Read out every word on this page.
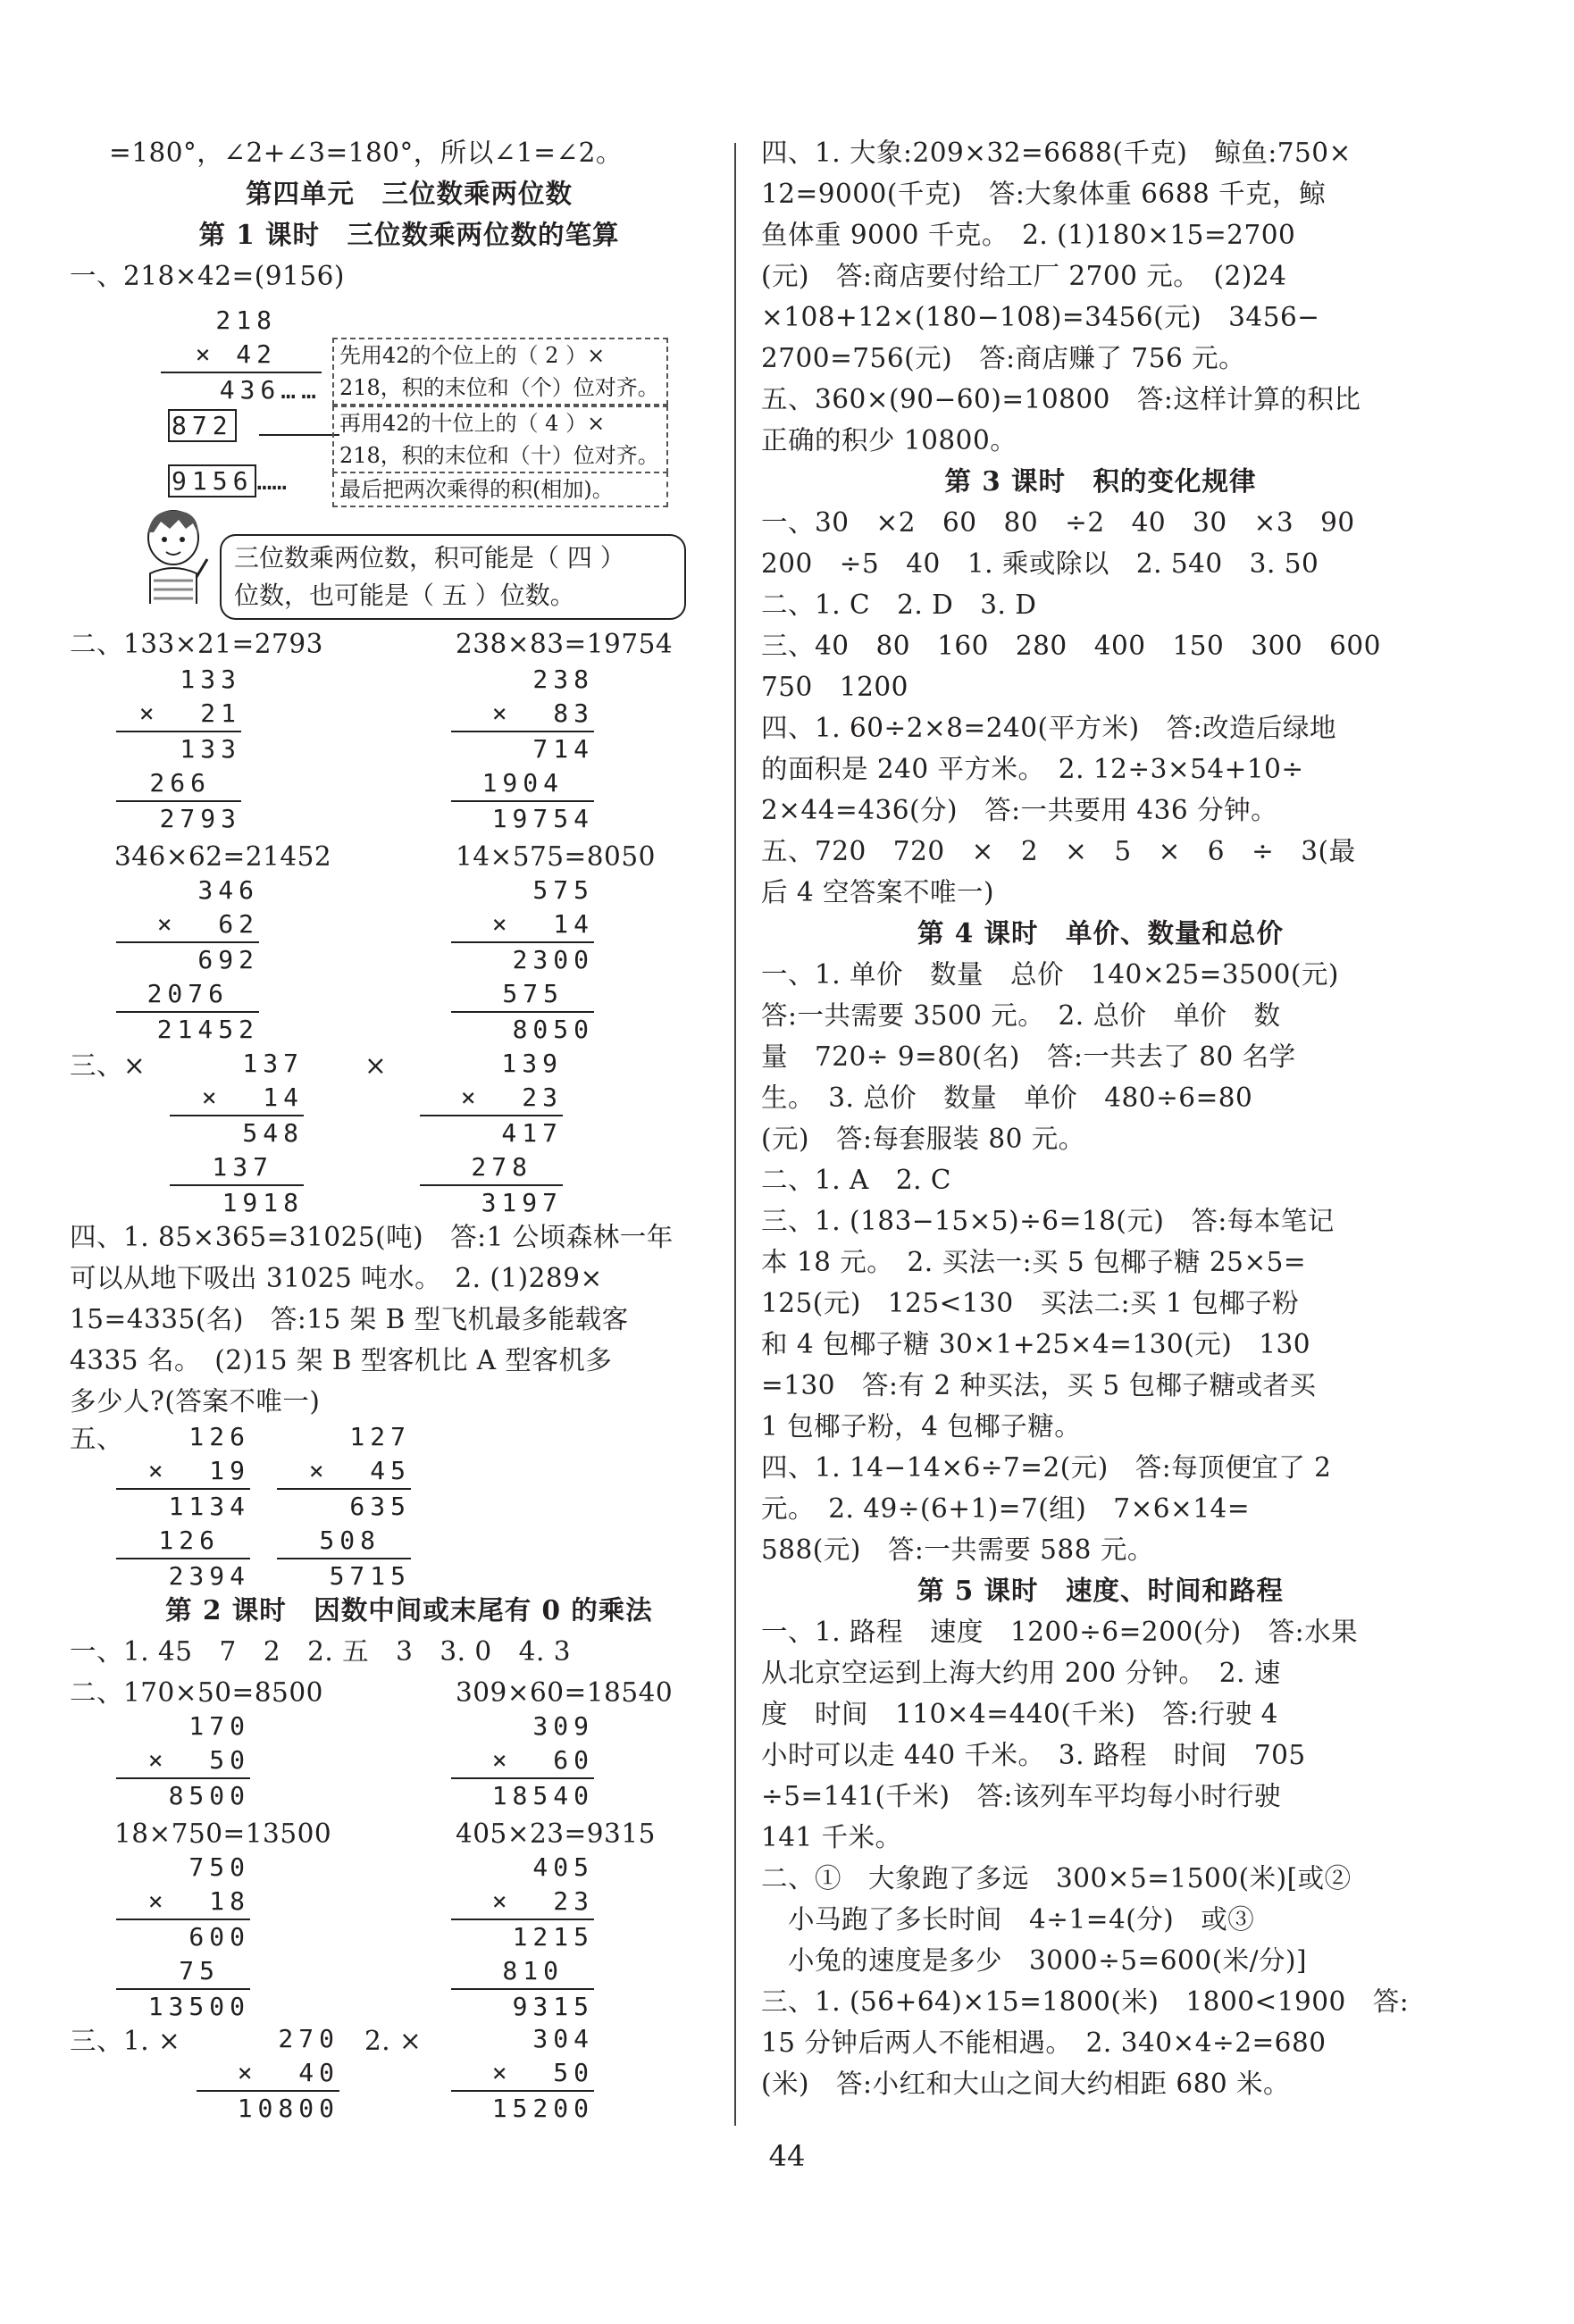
=180°，∠2+∠3=180°，所以∠1=∠2。
第四单元　三位数乘两位数
第 1 课时　三位数乘两位数的笔算
一、218×42=(9156)
218
× 42
436……
872
9156 ……
先用42的个位上的（ 2 ）×
218，积的末位和（个）位对齐。
再用42的十位上的（ 4 ）×
218，积的末位和（十）位对齐。
最后把两次乘得的积(相加)。
三位数乘两位数，积可能是（ 四 ）
位数，也可能是（ 五 ）位数。
二、133×21=2793	238×83=19754
133
×  21
133
266
2793
238
×  83
714
1904
19754
346×62=21452	14×575=8050
346
×  62
692
2076
21452
575
×  14
2300
575
8050
三、×	×
137
×  14
548
137
1918
139
×  23
417
278
3197
四、1. 85×365=31025(吨)　答:1 公顷森林一年
可以从地下吸出 31025 吨水。　2. (1)289×
15=4335(名)　答:15 架 B 型飞机最多能载客
4335 名。　(2)15 架 B 型客机比 A 型客机多
多少人?(答案不唯一)
五、	126
×  19
1134
126
2394
127
×  45
635
508
5715
第 2 课时　因数中间或末尾有 0 的乘法
一、1. 45　7　2　2. 五　3　3. 0　4. 3
二、170×50=8500	309×60=18540
170
×  50
8500
309
×  60
18540
18×750=13500	405×23=9315
750
×  18
600
75
13500
405
×  23
1215
810
9315
三、1. ×	2. ×
270
×  40
10800
304
×  50
15200
四、1. 大象:209×32=6688(千克)　鲸鱼:750×
12=9000(千克)　答:大象体重 6688 千克，鲸
鱼体重 9000 千克。　2. (1)180×15=2700
(元)　答:商店要付给工厂 2700 元。　(2)24
×108+12×(180−108)=3456(元)　3456−
2700=756(元)　答:商店赚了 756 元。
五、360×(90−60)=10800　答:这样计算的积比
正确的积少 10800。
第 3 课时　积的变化规律
一、30　×2　60　80　÷2　40　30　×3　90
200　÷5　40　1. 乘或除以　2. 540　3. 50
二、1. C　2. D　3. D
三、40　80　160　280　400　150　300　600
750　1200
四、1. 60÷2×8=240(平方米)　答:改造后绿地
的面积是 240 平方米。　2. 12÷3×54+10÷
2×44=436(分)　答:一共要用 436 分钟。
五、720　720　×　2　×　5　×　6　÷　3(最
后 4 空答案不唯一)
第 4 课时　单价、数量和总价
一、1. 单价　数量　总价　140×25=3500(元)
答:一共需要 3500 元。　2. 总价　单价　数
量　720÷ 9=80(名)　答:一共去了 80 名学
生。　3. 总价　数量　单价　480÷6=80
(元)　答:每套服装 80 元。
二、1. A　2. C
三、1. (183−15×5)÷6=18(元)　答:每本笔记
本 18 元。　2. 买法一:买 5 包椰子糖 25×5=
125(元)　125<130　买法二:买 1 包椰子粉
和 4 包椰子糖 30×1+25×4=130(元)　130
=130　答:有 2 种买法，买 5 包椰子糖或者买
1 包椰子粉，4 包椰子糖。
四、1. 14−14×6÷7=2(元)　答:每顶便宜了 2
元。　2. 49÷(6+1)=7(组)　7×6×14=
588(元)　答:一共需要 588 元。
第 5 课时　速度、时间和路程
一、1. 路程　速度　1200÷6=200(分)　答:水果
从北京空运到上海大约用 200 分钟。　2. 速
度　时间　110×4=440(千米)　答:行驶 4
小时可以走 440 千米。　3. 路程　时间　705
÷5=141(千米)　答:该列车平均每小时行驶
141 千米。
二、①　大象跑了多远　300×5=1500(米)[或②
　小马跑了多长时间　4÷1=4(分)　或③
　小兔的速度是多少　3000÷5=600(米/分)]
三、1. (56+64)×15=1800(米)　1800<1900　答:
15 分钟后两人不能相遇。　2. 340×4÷2=680
(米)　答:小红和大山之间大约相距 680 米。
44
